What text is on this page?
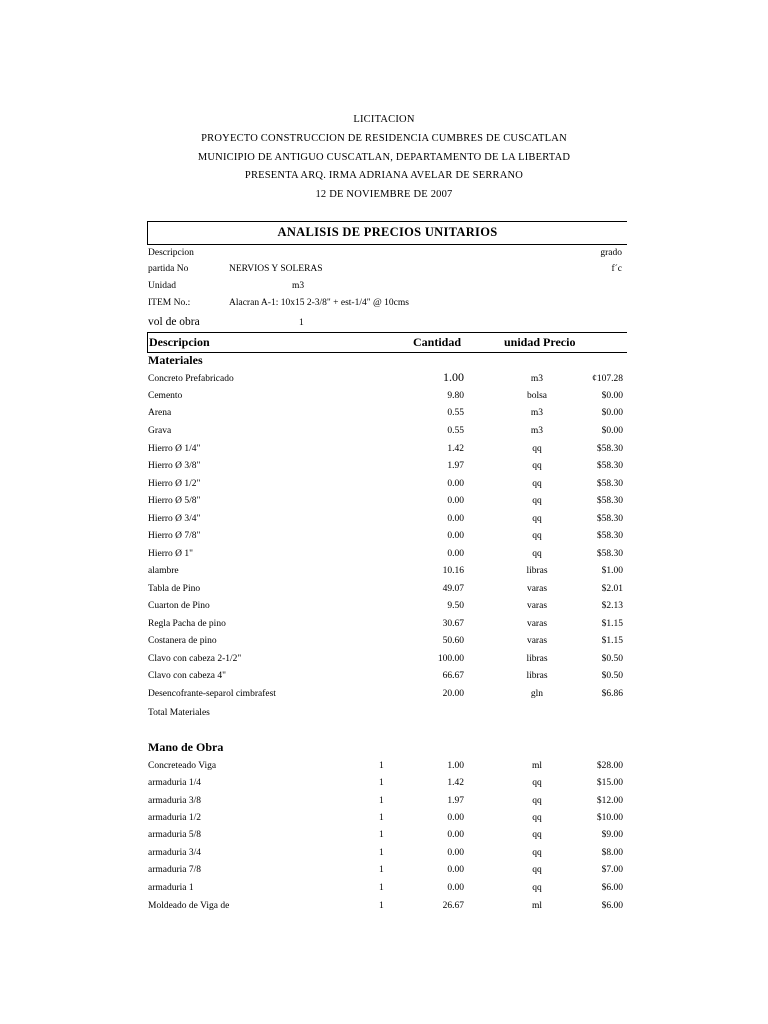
LICITACION
PROYECTO CONSTRUCCION DE RESIDENCIA CUMBRES DE CUSCATLAN
MUNICIPIO DE ANTIGUO CUSCATLAN, DEPARTAMENTO DE LA LIBERTAD
PRESENTA ARQ. IRMA ADRIANA AVELAR DE SERRANO
12 DE NOVIEMBRE DE 2007
ANALISIS DE PRECIOS UNITARIOS
Descripcion	grado
partida No	NERVIOS Y SOLERAS	f´c
Unidad	m3
ITEM No.:	Alacran A-1: 10x15 2-3/8" + est-1/4" @ 10cms
vol de obra	1
Descripcion	Cantidad	unidad Precio
Materiales
Concreto Prefabricado	1.00	m3	¢107.28
Cemento	9.80	bolsa	$0.00
Arena	0.55	m3	$0.00
Grava	0.55	m3	$0.00
Hierro Ø 1/4"	1.42	qq	$58.30
Hierro Ø 3/8"	1.97	qq	$58.30
Hierro Ø 1/2"	0.00	qq	$58.30
Hierro Ø 5/8"	0.00	qq	$58.30
Hierro Ø 3/4"	0.00	qq	$58.30
Hierro Ø 7/8"	0.00	qq	$58.30
Hierro Ø 1"	0.00	qq	$58.30
alambre	10.16	libras	$1.00
Tabla de Pino	49.07	varas	$2.01
Cuarton de Pino	9.50	varas	$2.13
Regla Pacha de pino	30.67	varas	$1.15
Costanera de pino	50.60	varas	$1.15
Clavo con cabeza 2-1/2"	100.00	libras	$0.50
Clavo con cabeza 4"	66.67	libras	$0.50
Desencofrante-separol cimbrafest	20.00	gln	$6.86
Total Materiales
Mano de Obra
Concreteado Viga	1	1.00	ml	$28.00
armaduria 1/4	1	1.42	qq	$15.00
armaduria 3/8	1	1.97	qq	$12.00
armaduria 1/2	1	0.00	qq	$10.00
armaduria 5/8	1	0.00	qq	$9.00
armaduria 3/4	1	0.00	qq	$8.00
armaduria 7/8	1	0.00	qq	$7.00
armaduria 1	1	0.00	qq	$6.00
Moldeado de Viga de	1	26.67	ml	$6.00
